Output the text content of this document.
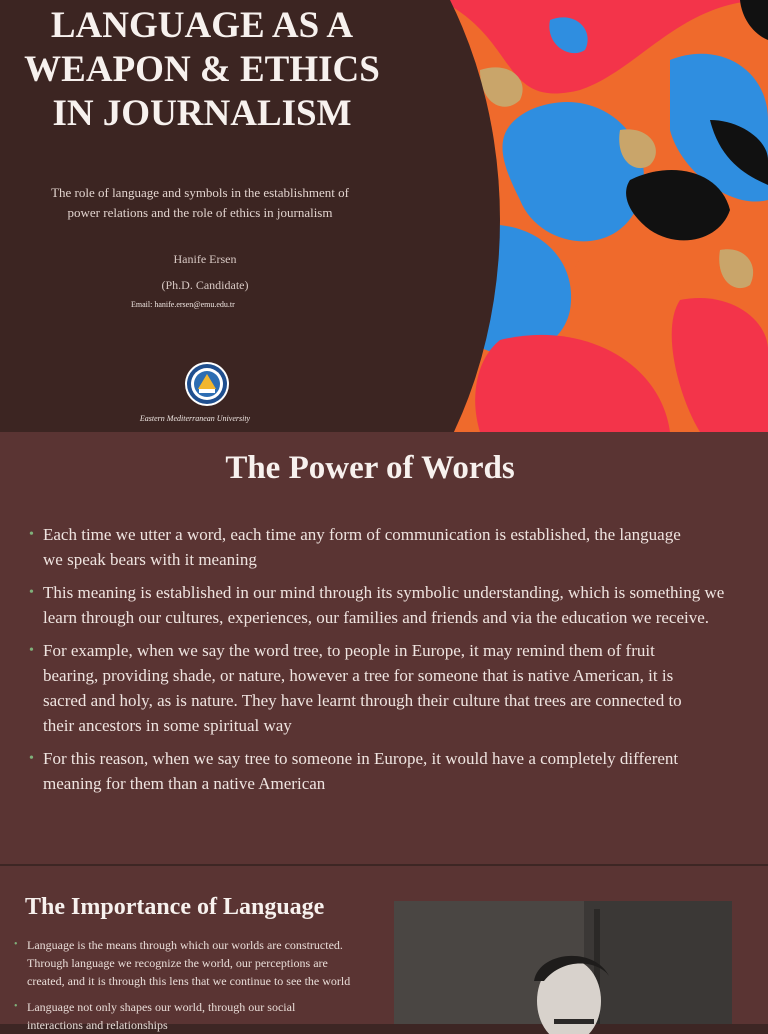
LANGUAGE AS A WEAPON & ETHICS IN JOURNALISM

The role of language and symbols in the establishment of power relations and the role of ethics in journalism

Hanife Ersen

(Ph.D. Candidate)

Email: hanife.ersen@emu.edu.tr

Eastern Mediterranean University

The Power of Words
• Each time we utter a word, each time any form of communication is established, the language we speak bears with it meaning
• This meaning is established in our mind through its symbolic understanding, which is something we learn through our cultures, experiences, our families and friends and via the education we receive.
• For example, when we say the word tree, to people in Europe, it may remind them of fruit bearing, providing shade, or nature, however a tree for someone that is native American, it is sacred and holy, as is nature. They have learnt through their culture that trees are connected to their ancestors in some spiritual way
• For this reason, when we say tree to someone in Europe, it would have a completely different meaning for them than a native American
The Importance of Language
• Language is the means through which our worlds are constructed. Through language we recognize the world, our perceptions are created, and it is through this lens that we continue to see the world
• Language not only shapes our world, through our social interactions and relationships
